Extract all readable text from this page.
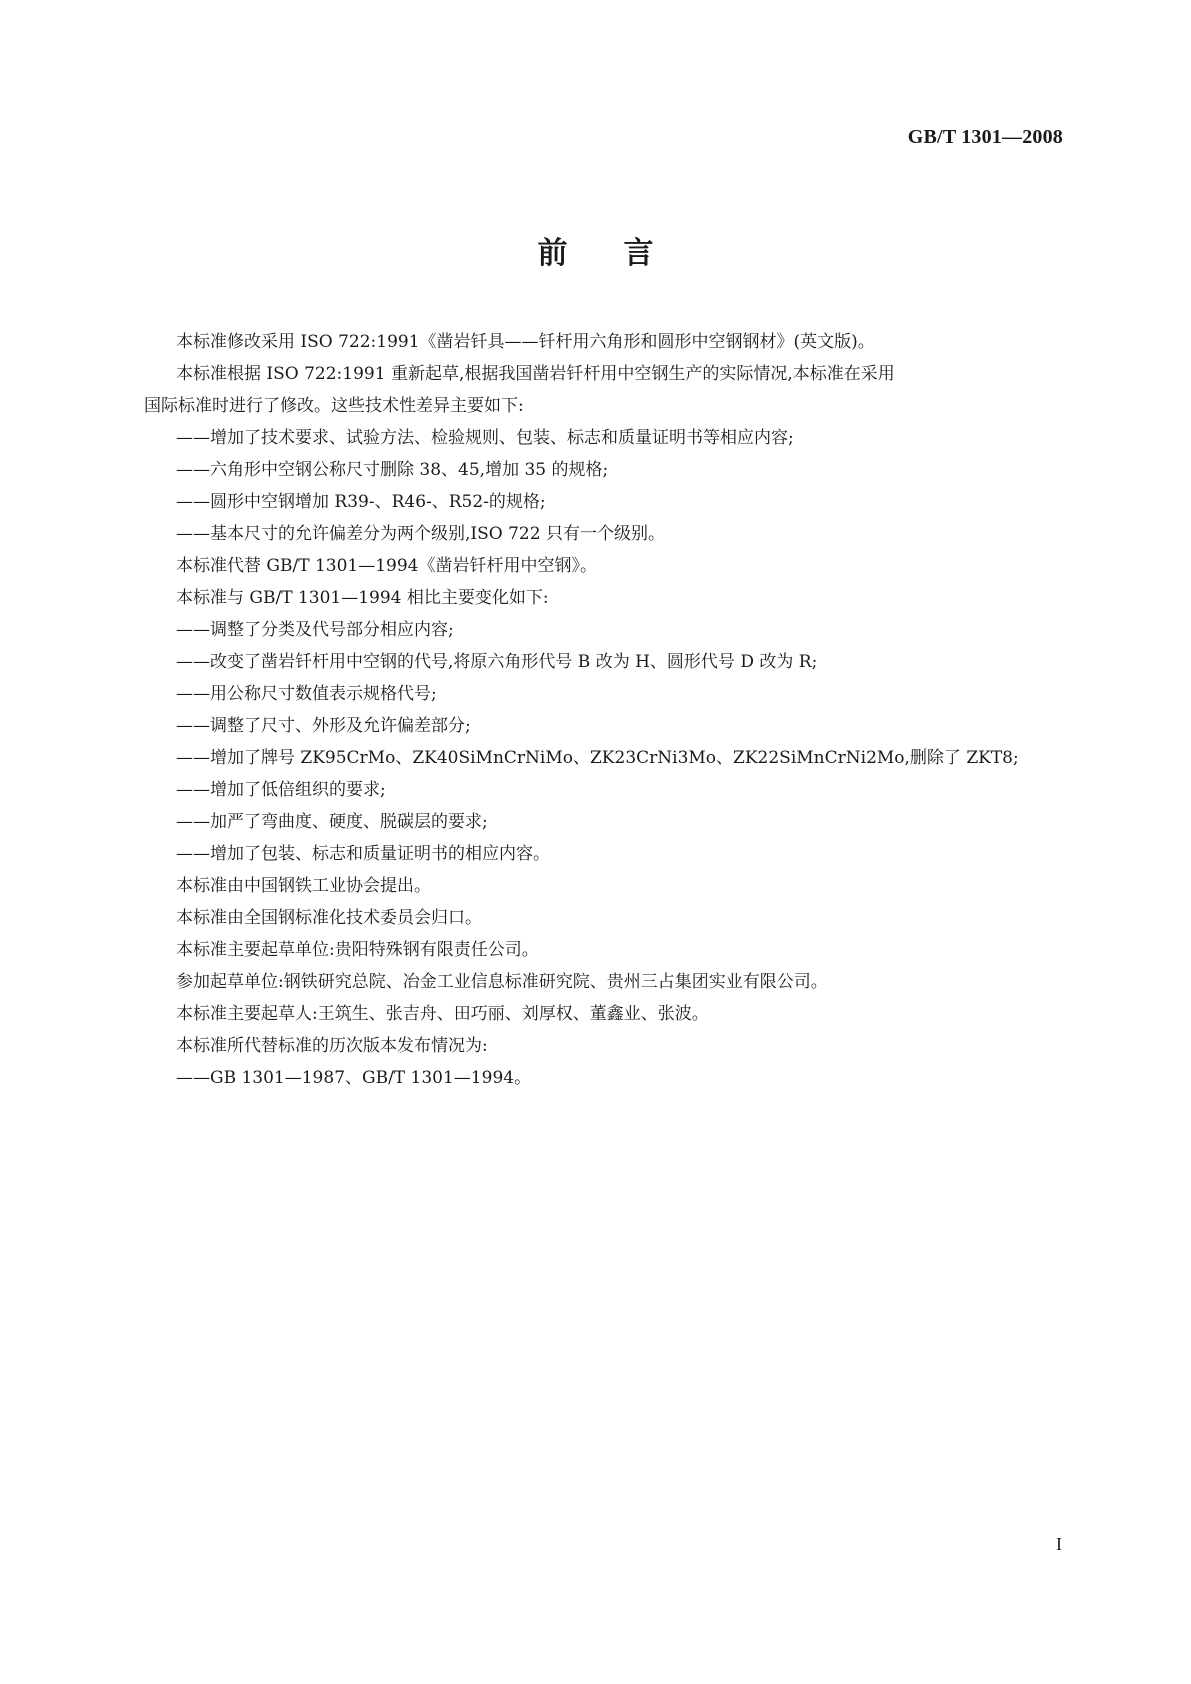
GB/T 1301—2008
前言
本标准修改采用 ISO 722:1991《凿岩钎具——钎杆用六角形和圆形中空钢钢材》(英文版)。
本标准根据 ISO 722:1991 重新起草,根据我国凿岩钎杆用中空钢生产的实际情况,本标准在采用
国际标准时进行了修改。这些技术性差异主要如下:
——增加了技术要求、试验方法、检验规则、包装、标志和质量证明书等相应内容;
——六角形中空钢公称尺寸删除 38、45,增加 35 的规格;
——圆形中空钢增加 R39-、R46-、R52-的规格;
——基本尺寸的允许偏差分为两个级别,ISO 722 只有一个级别。
本标准代替 GB/T 1301—1994《凿岩钎杆用中空钢》。
本标准与 GB/T 1301—1994 相比主要变化如下:
——调整了分类及代号部分相应内容;
——改变了凿岩钎杆用中空钢的代号,将原六角形代号 B 改为 H、圆形代号 D 改为 R;
——用公称尺寸数值表示规格代号;
——调整了尺寸、外形及允许偏差部分;
——增加了牌号 ZK95CrMo、ZK40SiMnCrNiMo、ZK23CrNi3Mo、ZK22SiMnCrNi2Mo,删除了 ZKT8;
——增加了低倍组织的要求;
——加严了弯曲度、硬度、脱碳层的要求;
——增加了包装、标志和质量证明书的相应内容。
本标准由中国钢铁工业协会提出。
本标准由全国钢标准化技术委员会归口。
本标准主要起草单位:贵阳特殊钢有限责任公司。
参加起草单位:钢铁研究总院、冶金工业信息标准研究院、贵州三占集团实业有限公司。
本标准主要起草人:王筑生、张吉舟、田巧丽、刘厚权、董鑫业、张波。
本标准所代替标准的历次版本发布情况为:
——GB 1301—1987、GB/T 1301—1994。
I
